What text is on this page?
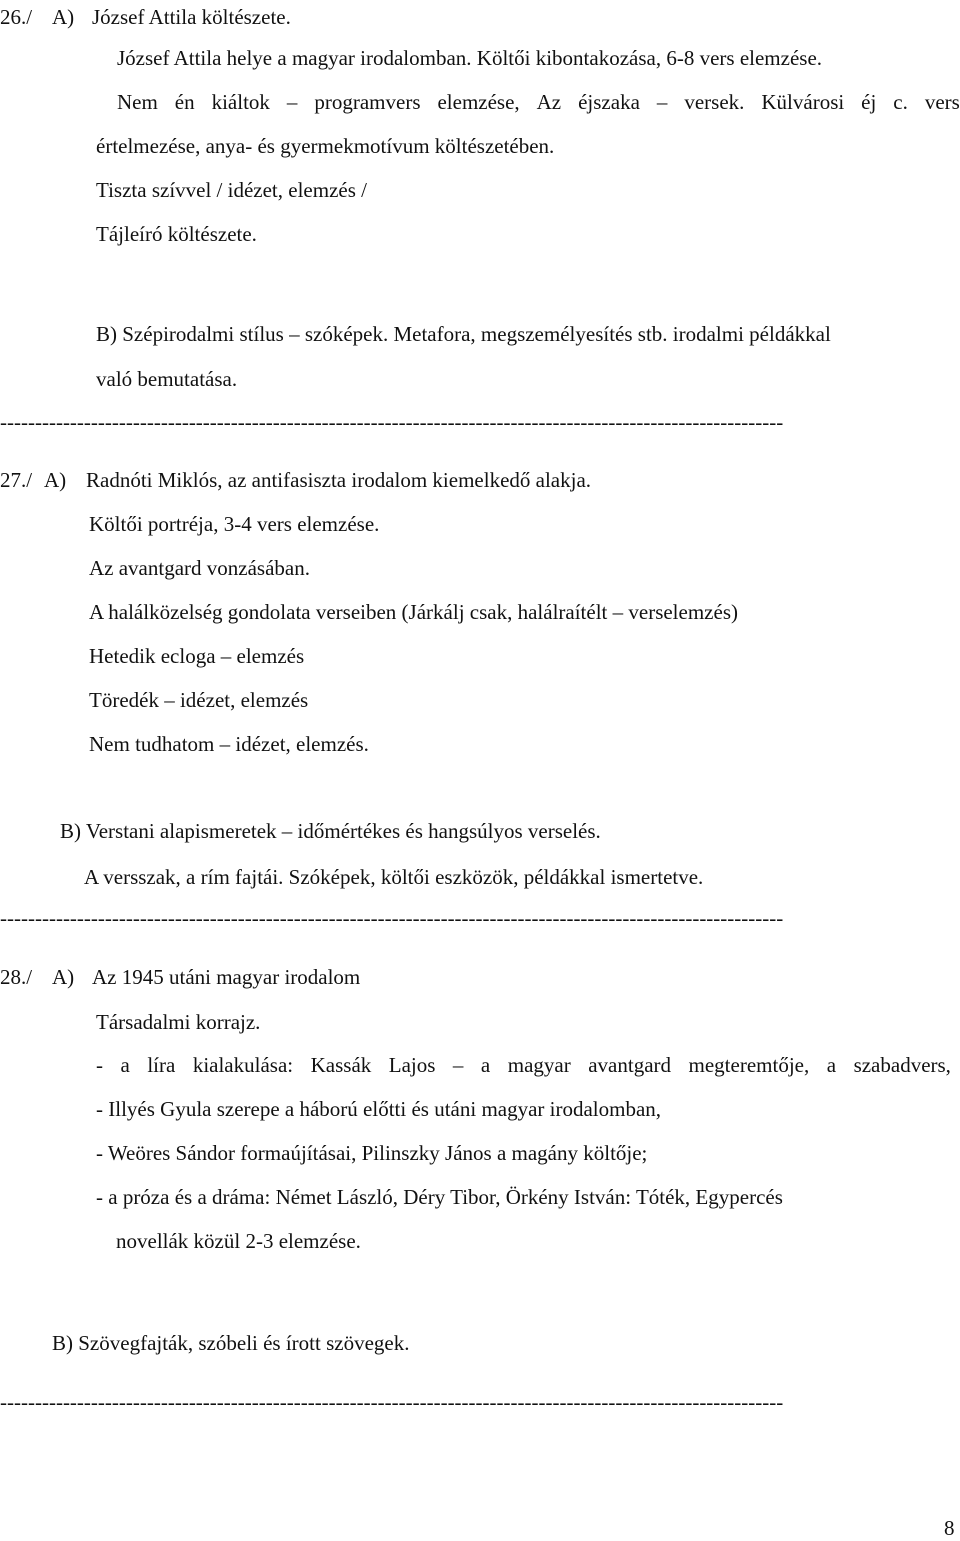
26./ A) József Attila költészete.
József Attila helye a magyar irodalomban. Költői kibontakozása, 6-8 vers elemzése.
Nem én kiáltok – programvers elemzése, Az éjszaka – versek. Külvárosi éj c. vers
értelmezése, anya- és gyermekmotívum költészetében.
Tiszta szívvel / idézet, elemzés /
Tájleíró költészete.
B) Szépirodalmi stílus – szóképek. Metafora, megszemélyesítés stb. irodalmi példákkal
való bemutatása.
----------------------------------------------------------------------------------------------------------------
27./ A) Radnóti Miklós, az antifasiszta irodalom kiemelkedő alakja.
Költői portréja, 3-4 vers elemzése.
Az avantgard vonzásában.
A halálközelség gondolata verseiben (Járkálj csak, halálraítélt – verselemzés)
Hetedik ecloga – elemzés
Töredék – idézet, elemzés
Nem tudhatom – idézet, elemzés.
B) Verstani alapismeretek – időmértékes és hangsúlyos verselés.
A versszak, a rím fajtái. Szóképek, költői eszközök, példákkal ismertetve.
----------------------------------------------------------------------------------------------------------------
28./ A) Az 1945 utáni magyar irodalom
Társadalmi korrajz.
- a líra kialakulása: Kassák Lajos – a magyar avantgard megteremtője, a szabadvers,
- Illyés Gyula szerepe a háború előtti és utáni magyar irodalomban,
- Weöres Sándor formaújításai, Pilinszky János a magány költője;
- a próza és a dráma: Német László, Déry Tibor, Örkény István: Tóték, Egypercés
novellák közül 2-3 elemzése.
B) Szövegfajták, szóbeli és írott szövegek.
----------------------------------------------------------------------------------------------------------------
8
